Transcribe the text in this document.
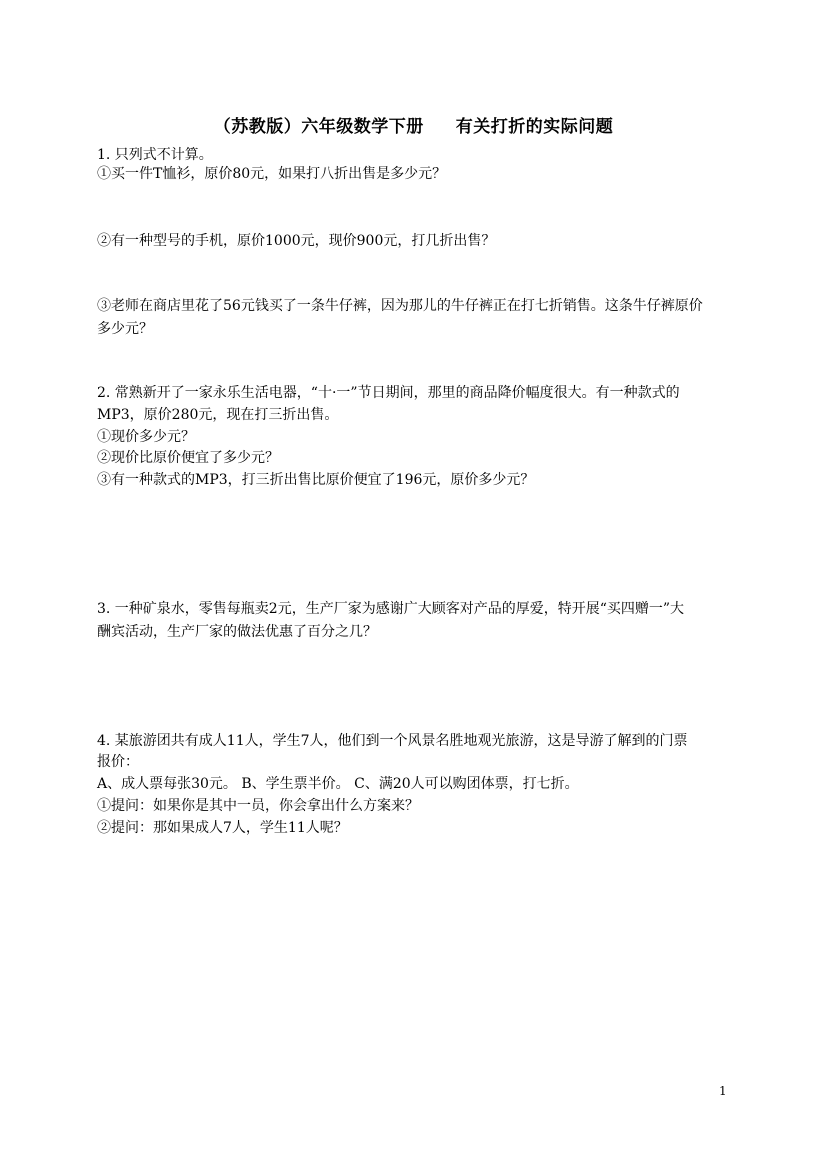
（苏教版）六年级数学下册     有关打折的实际问题
1. 只列式不计算。
①买一件T恤衫，原价80元，如果打八折出售是多少元？
②有一种型号的手机，原价1000元，现价900元，打几折出售？
③老师在商店里花了56元钱买了一条牛仔裤，因为那儿的牛仔裤正在打七折销售。这条牛仔裤原价
多少元？
2. 常熟新开了一家永乐生活电器，“十·一”节日期间，那里的商品降价幅度很大。有一种款式的
MP3，原价280元，现在打三折出售。
①现价多少元？
②现价比原价便宜了多少元？
③有一种款式的MP3，打三折出售比原价便宜了196元，原价多少元？
3. 一种矿泉水，零售每瓶卖2元，生产厂家为感谢广大顾客对产品的厚爱，特开展“买四赠一”大
酬宾活动，生产厂家的做法优惠了百分之几？
4. 某旅游团共有成人11人，学生7人，他们到一个风景名胜地观光旅游，这是导游了解到的门票
报价：
A、成人票每张30元。 B、学生票半价。 C、满20人可以购团体票，打七折。
①提问：如果你是其中一员，你会拿出什么方案来？
②提问：那如果成人7人，学生11人呢？
1
